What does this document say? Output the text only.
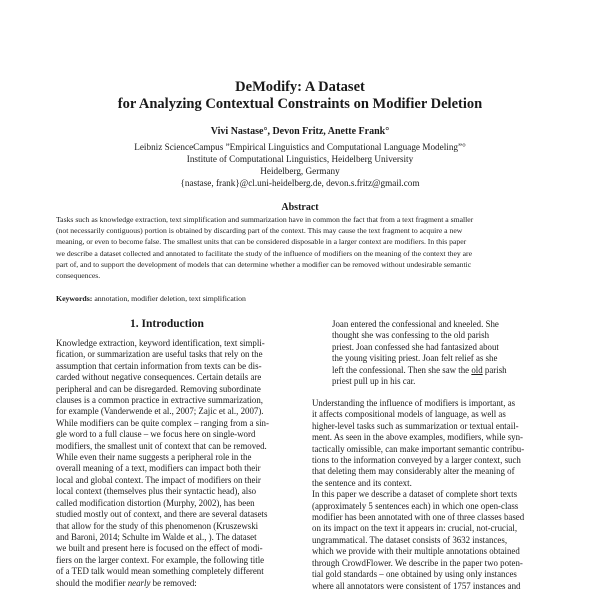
DeModify: A Dataset
for Analyzing Contextual Constraints on Modifier Deletion
Vivi Nastase°, Devon Fritz, Anette Frank°
Leibniz ScienceCampus ”Empirical Linguistics and Computational Language Modeling”°
Institute of Computational Linguistics, Heidelberg University
Heidelberg, Germany
{nastase, frank}@cl.uni-heidelberg.de, devon.s.fritz@gmail.com
Abstract
Tasks such as knowledge extraction, text simplification and summarization have in common the fact that from a text fragment a smaller
(not necessarily contiguous) portion is obtained by discarding part of the context. This may cause the text fragment to acquire a new
meaning, or even to become false. The smallest units that can be considered disposable in a larger context are modifiers. In this paper
we describe a dataset collected and annotated to facilitate the study of the influence of modifiers on the meaning of the context they are
part of, and to support the development of models that can determine whether a modifier can be removed without undesirable semantic
consequences.
Keywords: annotation, modifier deletion, text simplification
1. Introduction
Knowledge extraction, keyword identification, text simpli-
fication, or summarization are useful tasks that rely on the
assumption that certain information from texts can be dis-
carded without negative consequences. Certain details are
peripheral and can be disregarded. Removing subordinate
clauses is a common practice in extractive summarization,
for example (Vanderwende et al., 2007; Zajic et al., 2007).
While modifiers can be quite complex – ranging from a sin-
gle word to a full clause – we focus here on single-word
modifiers, the smallest unit of context that can be removed.
While even their name suggests a peripheral role in the
overall meaning of a text, modifiers can impact both their
local and global context. The impact of modifiers on their
local context (themselves plus their syntactic head), also
called modification distortion (Murphy, 2002), has been
studied mostly out of context, and there are several datasets
that allow for the study of this phenomenon (Kruszewski
and Baroni, 2014; Schulte im Walde et al., ). The dataset
we built and present here is focused on the effect of modi-
fiers on the larger context. For example, the following title
of a TED talk would mean something completely different
should the modifier nearly be removed:
Joan entered the confessional and kneeled. She
thought she was confessing to the old parish
priest. Joan confessed she had fantasized about
the young visiting priest. Joan felt relief as she
left the confessional. Then she saw the old parish
priest pull up in his car.
Understanding the influence of modifiers is important, as
it affects compositional models of language, as well as
higher-level tasks such as summarization or textual entail-
ment. As seen in the above examples, modifiers, while syn-
tactically omissible, can make important semantic contribu-
tions to the information conveyed by a larger context, such
that deleting them may considerably alter the meaning of
the sentence and its context.
In this paper we describe a dataset of complete short texts
(approximately 5 sentences each) in which one open-class
modifier has been annotated with one of three classes based
on its impact on the text it appears in: crucial, not-crucial,
ungrammatical. The dataset consists of 3632 instances,
which we provide with their multiple annotations obtained
through CrowdFlower. We describe in the paper two poten-
tial gold standards – one obtained by using only instances
where all annotators were consistent of 1757 instances and
